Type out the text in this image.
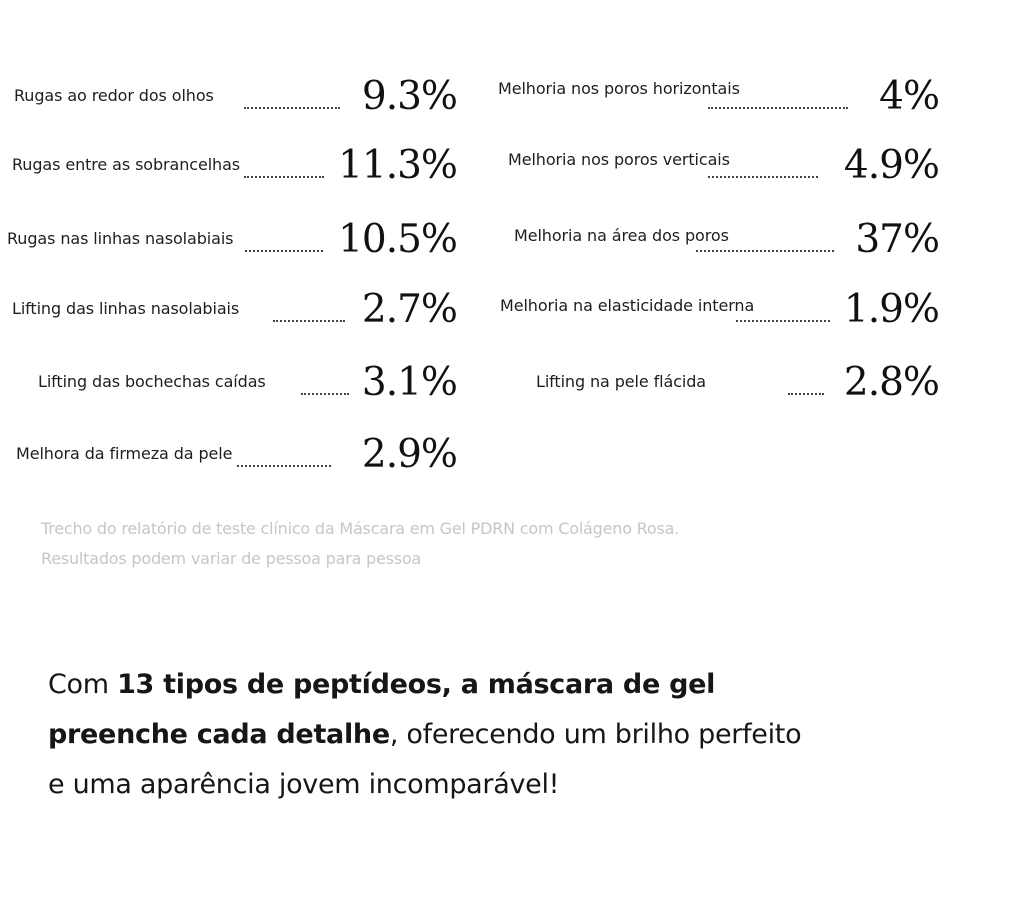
Rugas ao redor dos olhos	9.3%
Rugas entre as sobrancelhas	11.3%
Rugas nas linhas nasolabiais	10.5%
Lifting das linhas nasolabiais	2.7%
Lifting das bochechas caídas 3.1%
Melhora da firmeza da pele	2.9%
Melhoria nos poros horizontais	4%
Melhoria nos poros verticais	4.9%
Melhoria na área dos poros	37%
Melhoria na elasticidade interna 1.9%
Lifting na pele flácida	2.8%
Trecho do relatório de teste clínico da Máscara em Gel PDRN com Colágeno Rosa.
Resultados podem variar de pessoa para pessoa
Com 13 tipos de peptídeos, a máscara de gel
preenche cada detalhe, oferecendo um brilho perfeito
e uma aparência jovem incomparável!
